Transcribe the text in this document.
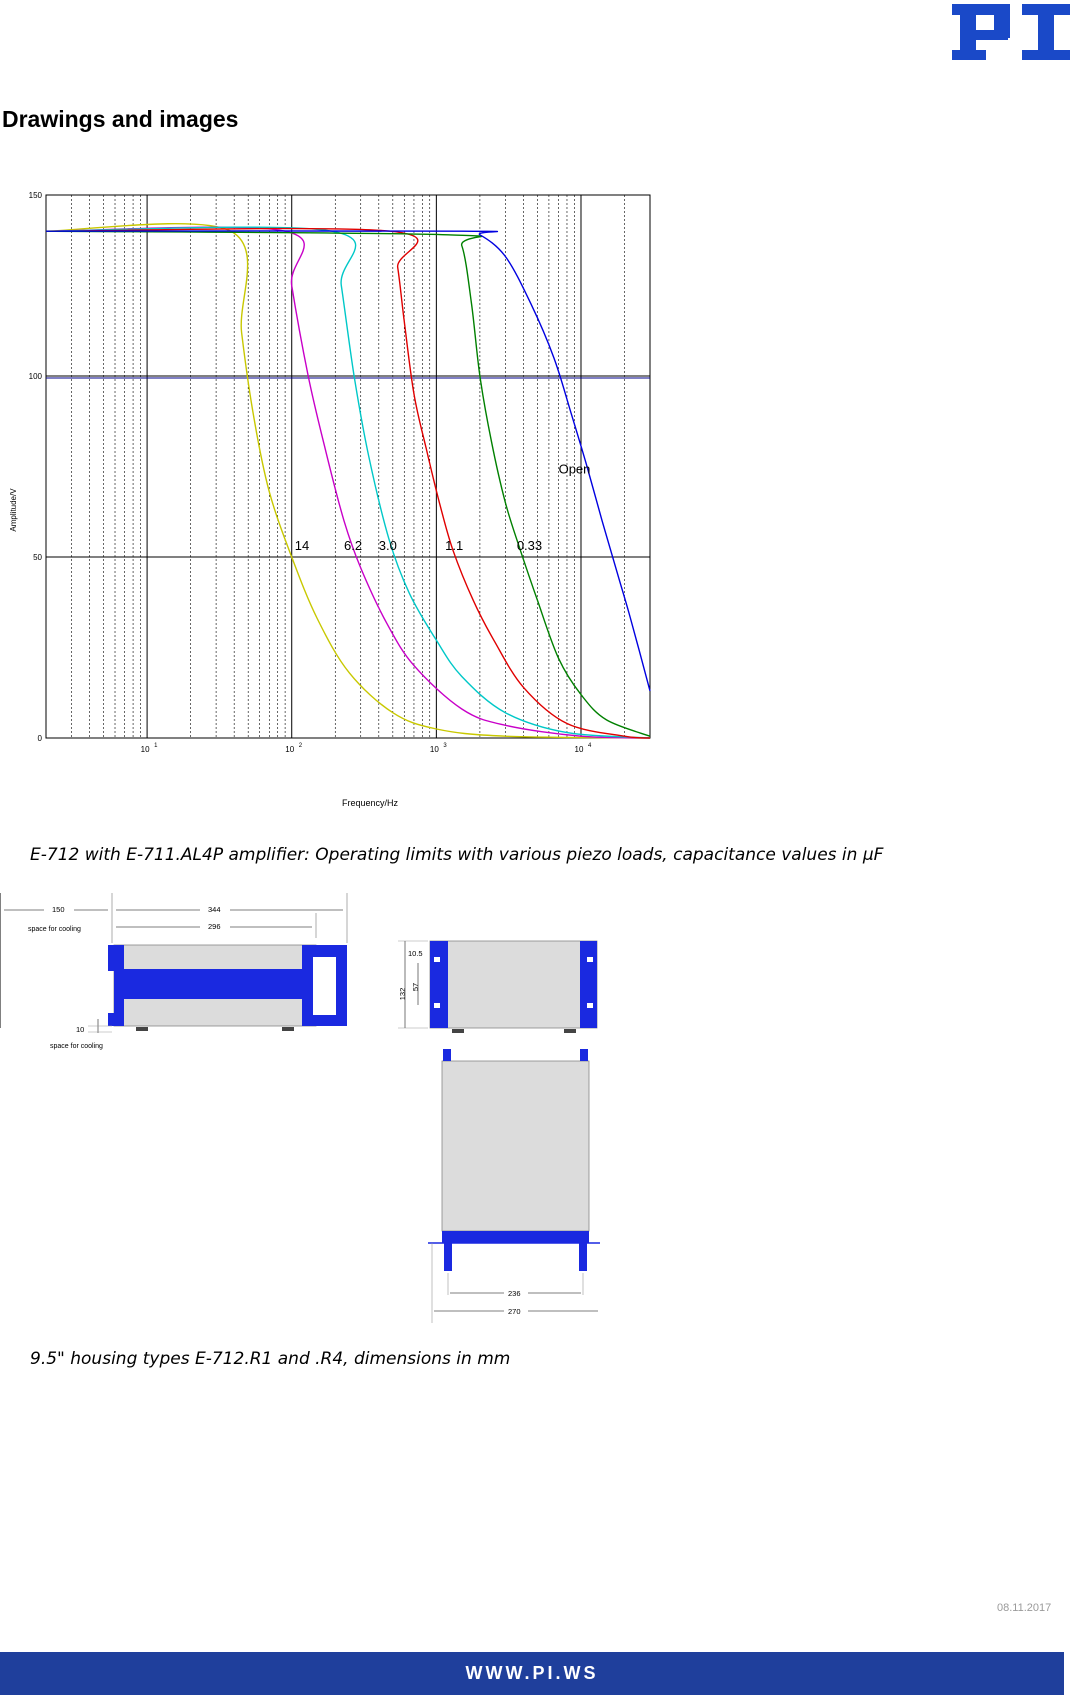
PI
Drawings and images
0
50
100
150
10 1	10 2	10 3	10 4
14	6.2 3.0	1.1	0.33
Open
Frequency/Hz
Amplitude/V
E-712 with E-711.AL4P amplifier: Operating limits with various piezo loads, capacitance values in µF
150	344
296
space for cooling
10
space for cooling
10.5
132
57
236
270
9.5" housing types E-712.R1 and .R4, dimensions in mm
08.11.2017
WWW.PI.WS
